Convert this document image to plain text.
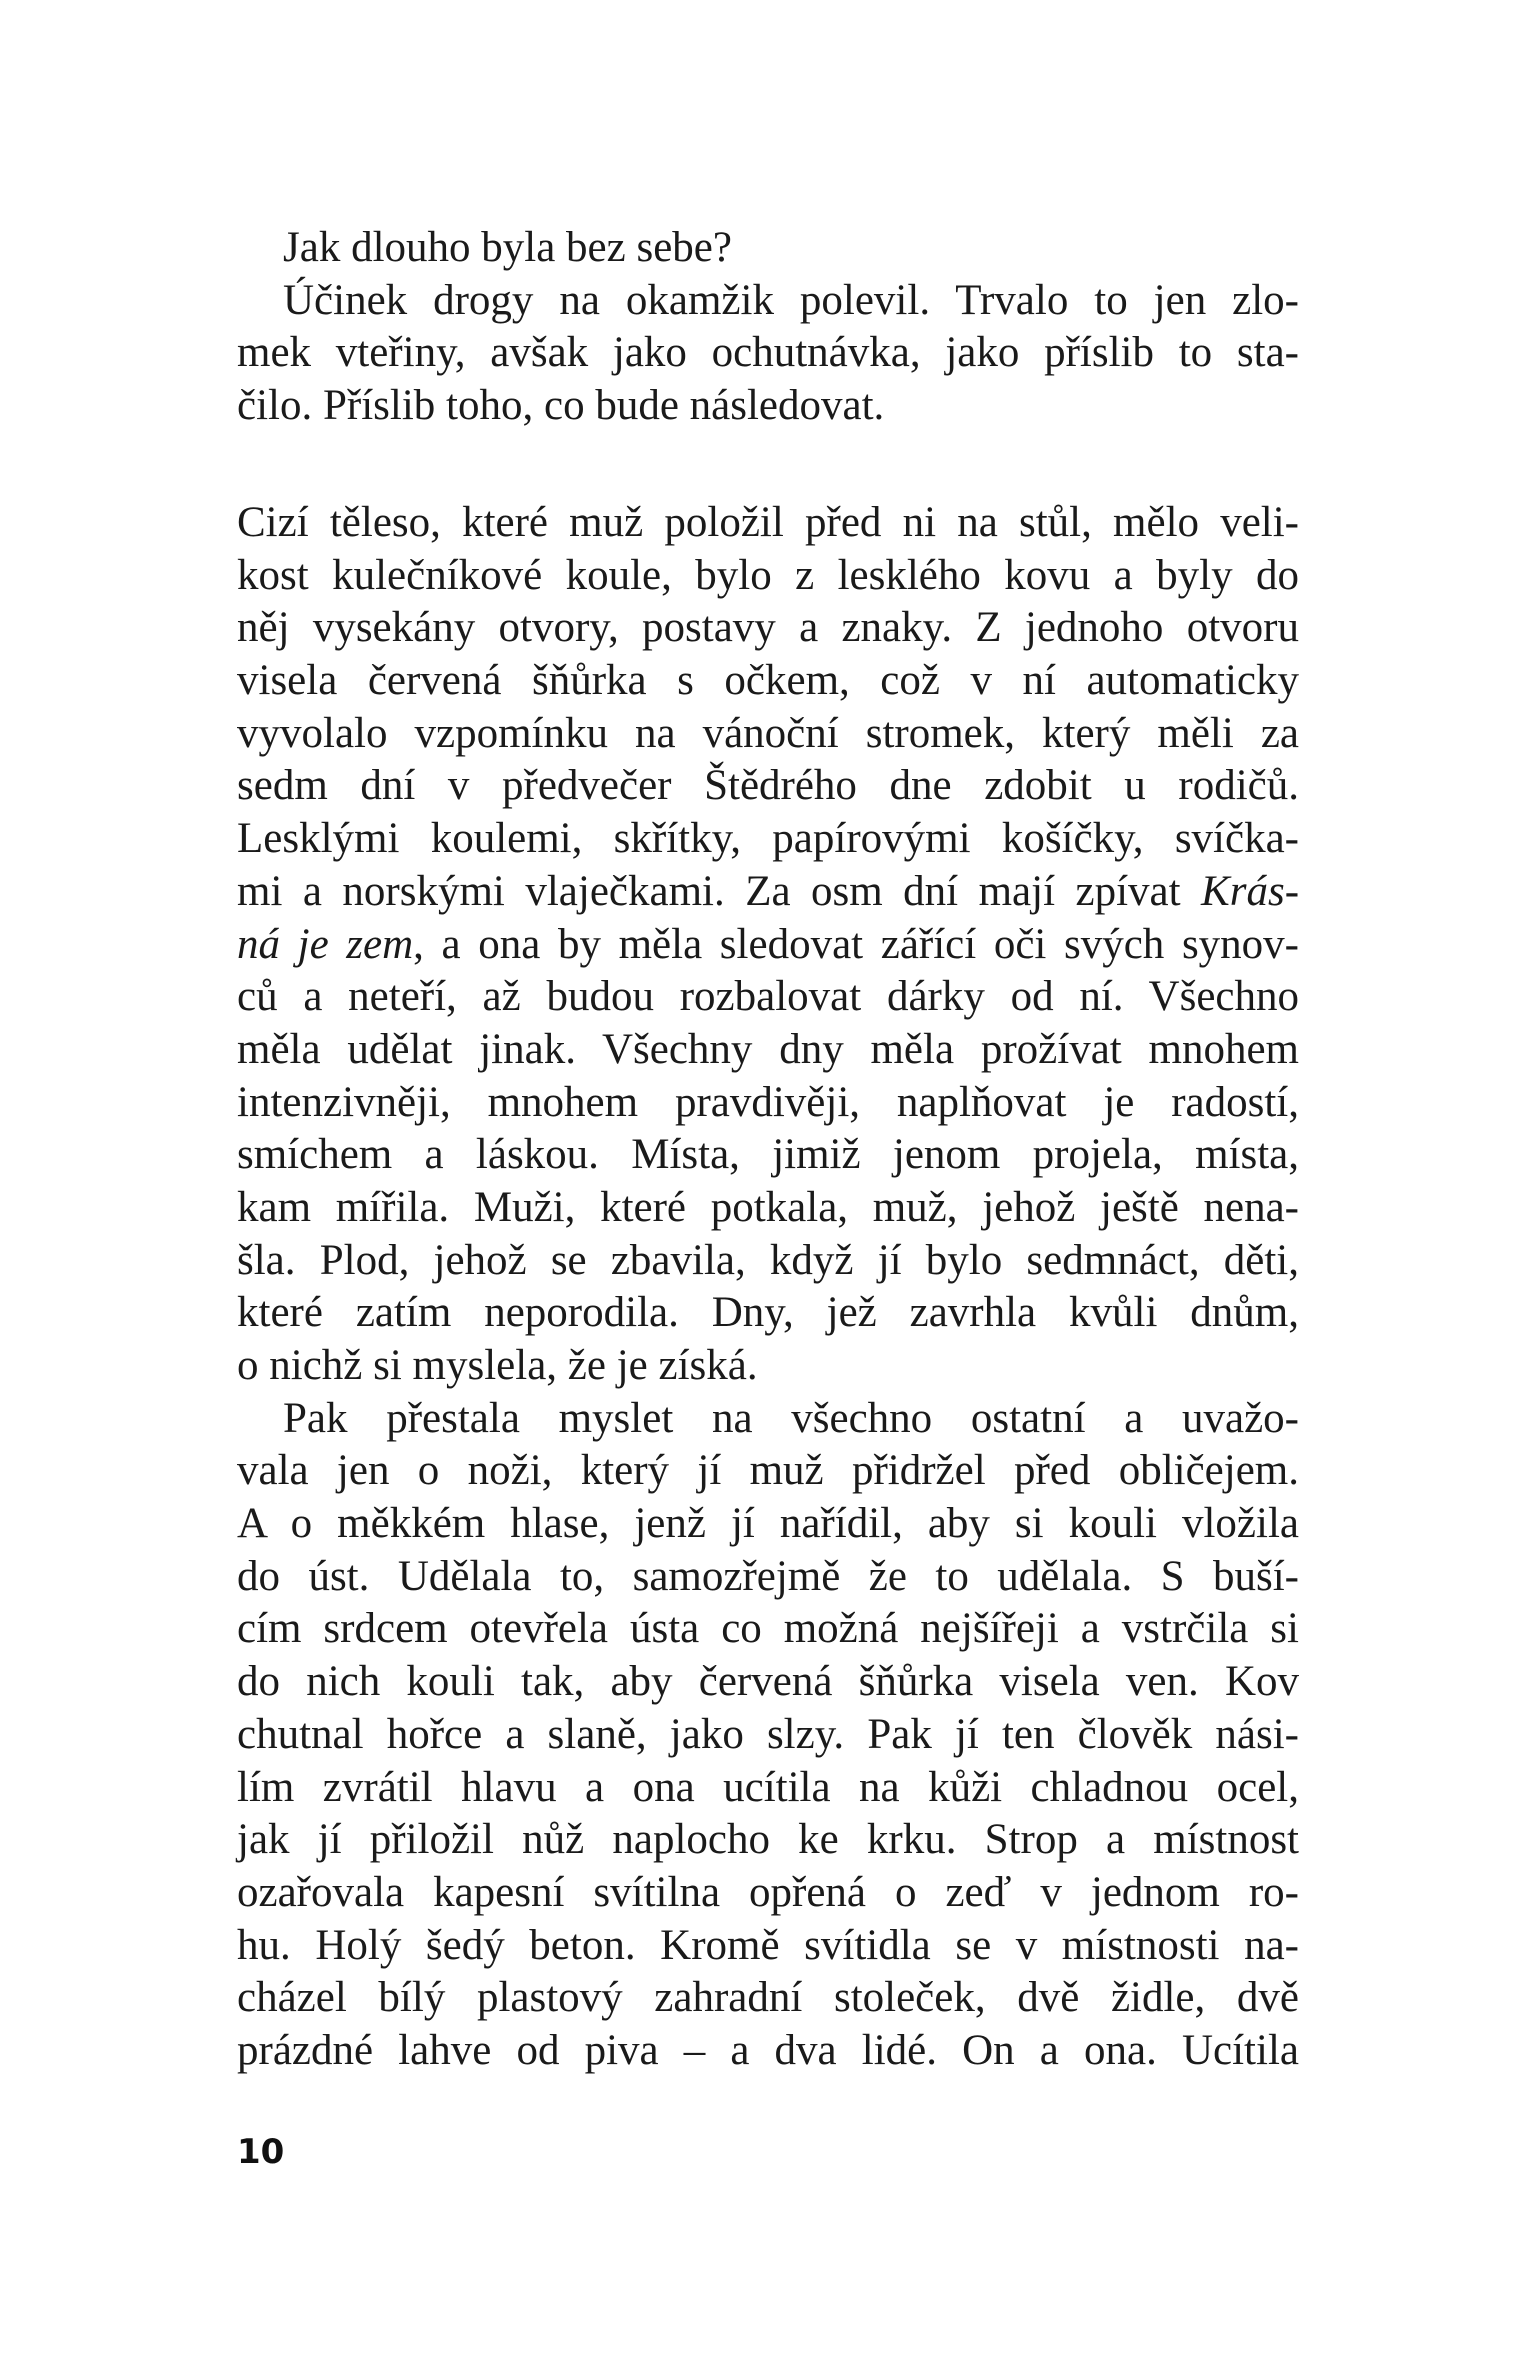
Jak dlouho byla bez sebe?
Účinek drogy na okamžik polevil. Trvalo to jen zlo-
mek vteřiny, avšak jako ochutnávka, jako příslib to sta-
čilo. Příslib toho, co bude následovat.
Cizí těleso, které muž položil před ni na stůl, mělo veli-
kost kulečníkové koule, bylo z lesklého kovu a byly do
něj vysekány otvory, postavy a znaky. Z jednoho otvoru
visela červená šňůrka s očkem, což v ní automaticky
vyvolalo vzpomínku na vánoční stromek, který měli za
sedm dní v předvečer Štědrého dne zdobit u rodičů.
Lesklými koulemi, skřítky, papírovými košíčky, svíčka-
mi a norskými vlaječkami. Za osm dní mají zpívat Krás-
ná je zem, a ona by měla sledovat zářící oči svých synov-
ců a neteří, až budou rozbalovat dárky od ní. Všechno
měla udělat jinak. Všechny dny měla prožívat mnohem
intenzivněji, mnohem pravdivěji, naplňovat je radostí,
smíchem a láskou. Místa, jimiž jenom projela, místa,
kam mířila. Muži, které potkala, muž, jehož ještě nena-
šla. Plod, jehož se zbavila, když jí bylo sedmnáct, děti,
které zatím neporodila. Dny, jež zavrhla kvůli dnům,
o nichž si myslela, že je získá.
Pak přestala myslet na všechno ostatní a uvažo-
vala jen o noži, který jí muž přidržel před obličejem.
A o měkkém hlase, jenž jí nařídil, aby si kouli vložila
do úst. Udělala to, samozřejmě že to udělala. S buší-
cím srdcem otevřela ústa co možná nejšířeji a vstrčila si
do nich kouli tak, aby červená šňůrka visela ven. Kov
chutnal hořce a slaně, jako slzy. Pak jí ten člověk nási-
lím zvrátil hlavu a ona ucítila na kůži chladnou ocel,
jak jí přiložil nůž naplocho ke krku. Strop a místnost
ozařovala kapesní svítilna opřená o zeď v jednom ro-
hu. Holý šedý beton. Kromě svítidla se v místnosti na-
cházel bílý plastový zahradní stoleček, dvě židle, dvě
prázdné lahve od piva – a dva lidé. On a ona. Ucítila
10
